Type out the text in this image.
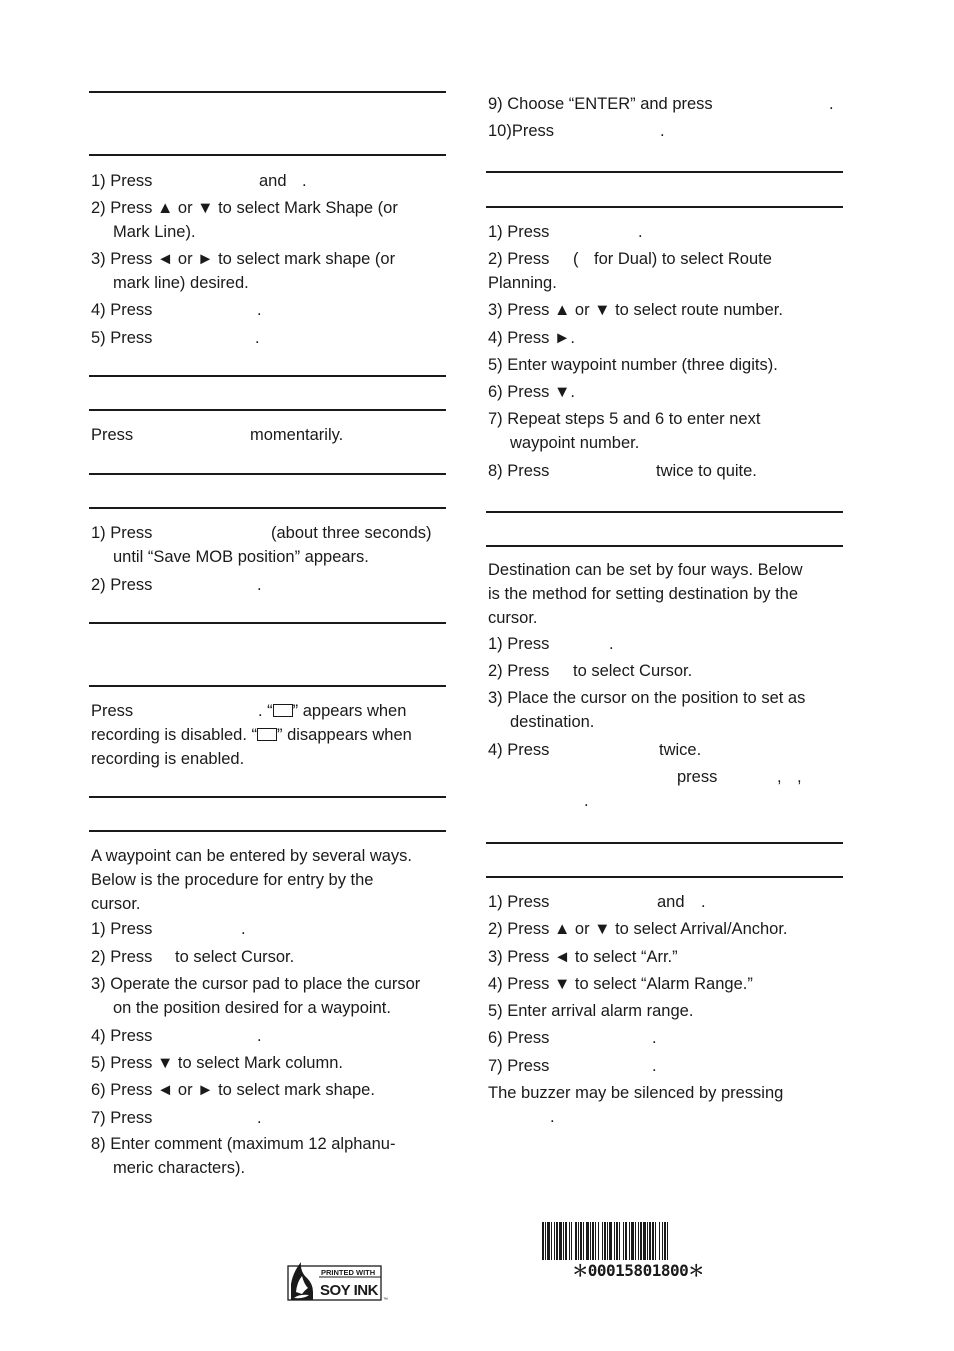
1) Press	and .

2) Press ▲ or ▼ to select Mark Shape (or

Mark Line).

3) Press ◄ or ► to select mark shape (or

mark line) desired.

4) Press	.

5) Press	.

Press	momentarily.

1) Press	(about three seconds)

until “Save MOB position” appears.

2) Press	.

Press	. “ ” appears when

recording is disabled. “ ” disappears when

recording is enabled.

A waypoint can be entered by several ways.

Below is the procedure for entry by the

cursor.

1) Press	.

2) Press to select Cursor.

3) Operate the cursor pad to place the cursor

on the position desired for a waypoint.

4) Press	.

5) Press ▼ to select Mark column.

6) Press ◄ or ► to select mark shape.

7) Press	.

8) Enter comment (maximum 12 alphanu-

meric characters).

9) Choose “ENTER” and press	.

10)Press	.

1) Press	.

2) Press ( for Dual) to select Route

Planning.

3) Press ▲ or ▼ to select route number.

4) Press ►.

5) Enter waypoint number (three digits).

6) Press ▼.

7) Repeat steps 5 and 6 to enter next

waypoint number.

8) Press	twice to quite.

Destination can be set by four ways. Below

is the method for setting destination by the

cursor.

1) Press	.

2) Press to select Cursor.

3) Place the cursor on the position to set as

destination.

4) Press	twice.

press	, ,

.

1) Press	and .

2) Press ▲ or ▼ to select Arrival/Anchor.

3) Press ◄ to select “Arr.”

4) Press ▼ to select “Alarm Range.”

5) Enter arrival alarm range.

6) Press	.

7) Press	.

The buzzer may be silenced by pressing

.

＊00015801800＊
PRINTED WITH
SOY INK
™
